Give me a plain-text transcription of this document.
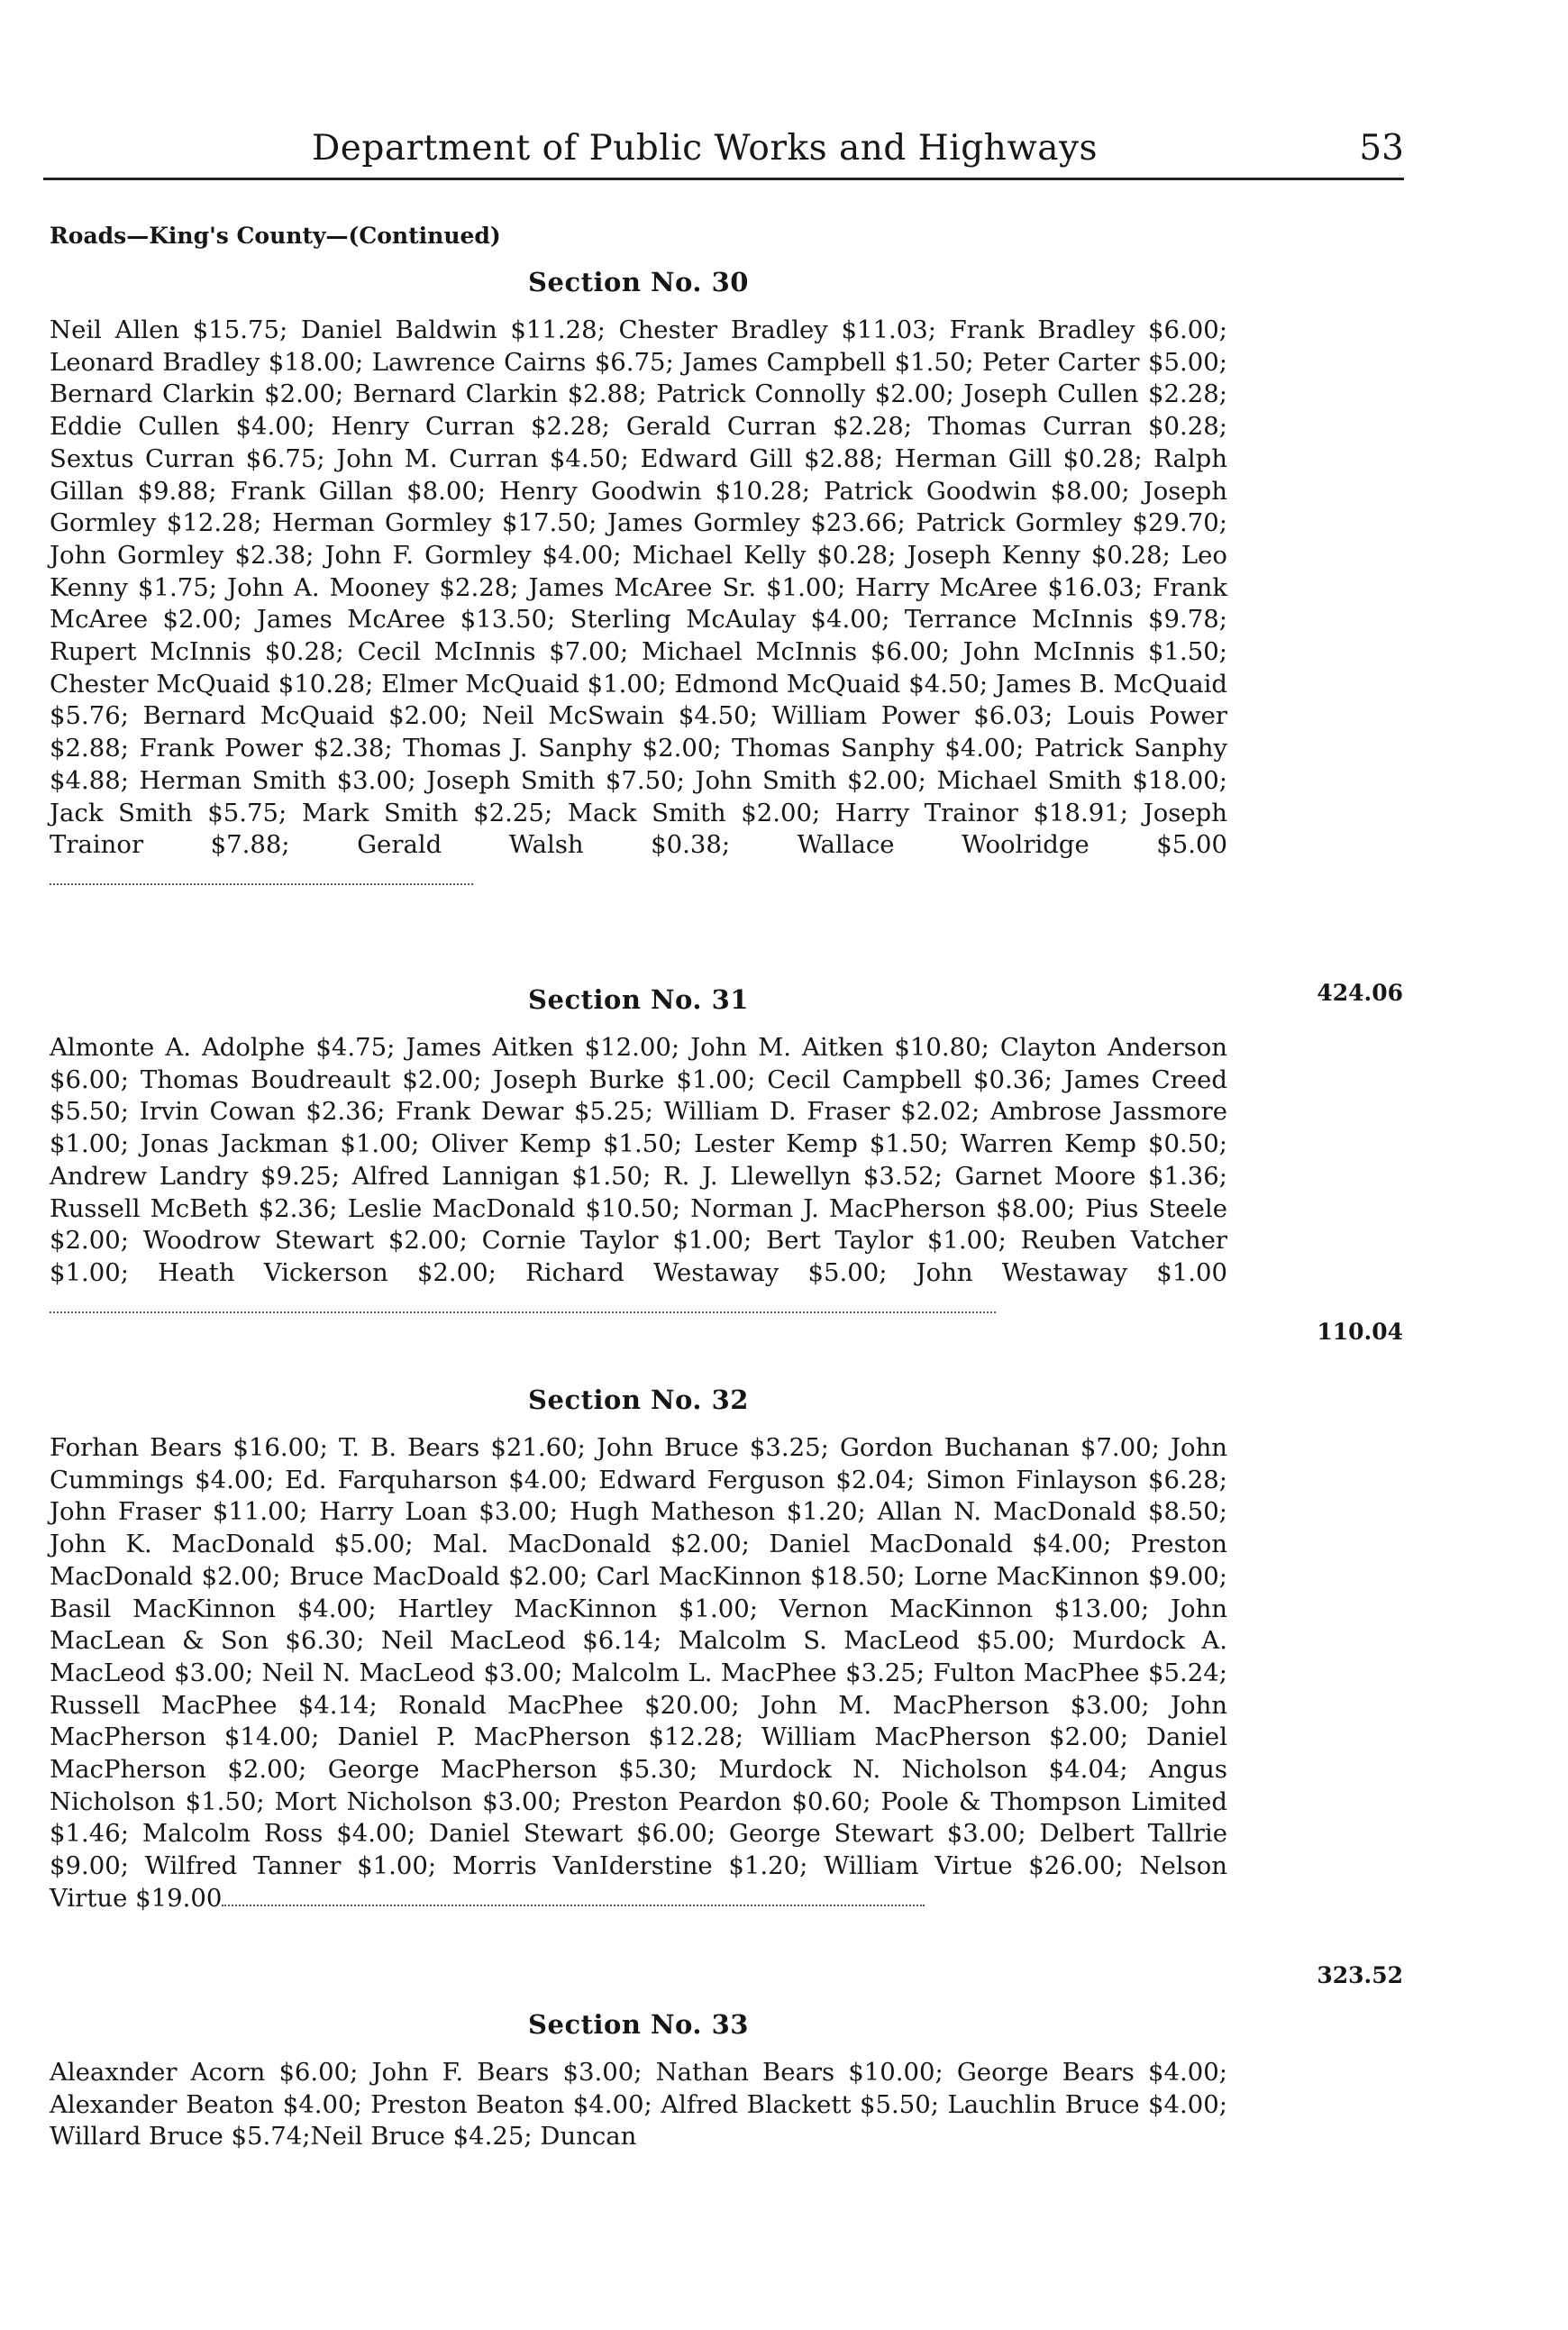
Department of Public Works and Highways	53
Roads—King's County—(Continued)
Section No. 30
Neil Allen $15.75; Daniel Baldwin $11.28; Chester Bradley $11.03; Frank Bradley $6.00; Leonard Bradley $18.00; Lawrence Cairns $6.75; James Campbell $1.50; Peter Carter $5.00; Bernard Clarkin $2.00; Bernard Clarkin $2.88; Patrick Connolly $2.00; Joseph Cullen $2.28; Eddie Cullen $4.00; Henry Curran $2.28; Gerald Curran $2.28; Thomas Curran $0.28; Sextus Curran $6.75; John M. Curran $4.50; Edward Gill $2.88; Herman Gill $0.28; Ralph Gillan $9.88; Frank Gillan $8.00; Henry Goodwin $10.28; Patrick Goodwin $8.00; Joseph Gormley $12.28; Herman Gormley $17.50; James Gormley $23.66; Patrick Gormley $29.70; John Gormley $2.38; John F. Gormley $4.00; Michael Kelly $0.28; Joseph Kenny $0.28; Leo Kenny $1.75; John A. Mooney $2.28; James McAree Sr. $1.00; Harry McAree $16.03; Frank McAree $2.00; James McAree $13.50; Sterling McAulay $4.00; Terrance McInnis $9.78; Rupert McInnis $0.28; Cecil McInnis $7.00; Michael McInnis $6.00; John McInnis $1.50; Chester McQuaid $10.28; Elmer McQuaid $1.00; Edmond McQuaid $4.50; James B. McQuaid $5.76; Bernard McQuaid $2.00; Neil McSwain $4.50; William Power $6.03; Louis Power $2.88; Frank Power $2.38; Thomas J. Sanphy $2.00; Thomas Sanphy $4.00; Patrick Sanphy $4.88; Herman Smith $3.00; Joseph Smith $7.50; John Smith $2.00; Michael Smith $18.00; Jack Smith $5.75; Mark Smith $2.25; Mack Smith $2.00; Harry Trainor $18.91; Joseph Trainor $7.88; Gerald Walsh $0.38; Wallace Woolridge $5.00
424.06
Section No. 31
Almonte A. Adolphe $4.75; James Aitken $12.00; John M. Aitken $10.80; Clayton Anderson $6.00; Thomas Boudreault $2.00; Joseph Burke $1.00; Cecil Campbell $0.36; James Creed $5.50; Irvin Cowan $2.36; Frank Dewar $5.25; William D. Fraser $2.02; Ambrose Jassmore $1.00; Jonas Jackman $1.00; Oliver Kemp $1.50; Lester Kemp $1.50; Warren Kemp $0.50; Andrew Landry $9.25; Alfred Lannigan $1.50; R. J. Llewellyn $3.52; Garnet Moore $1.36; Russell McBeth $2.36; Leslie MacDonald $10.50; Norman J. MacPherson $8.00; Pius Steele $2.00; Woodrow Stewart $2.00; Cornie Taylor $1.00; Bert Taylor $1.00; Reuben Vatcher $1.00; Heath Vickerson $2.00; Richard Westaway $5.00; John Westaway $1.00
110.04
Section No. 32
Forhan Bears $16.00; T. B. Bears $21.60; John Bruce $3.25; Gordon Buchanan $7.00; John Cummings $4.00; Ed. Farquharson $4.00; Edward Ferguson $2.04; Simon Finlayson $6.28; John Fraser $11.00; Harry Loan $3.00; Hugh Matheson $1.20; Allan N. MacDonald $8.50; John K. MacDonald $5.00; Mal. MacDonald $2.00; Daniel MacDonald $4.00; Preston MacDonald $2.00; Bruce MacDoald $2.00; Carl MacKinnon $18.50; Lorne MacKinnon $9.00; Basil MacKinnon $4.00; Hartley MacKinnon $1.00; Vernon MacKinnon $13.00; John MacLean & Son $6.30; Neil MacLeod $6.14; Malcolm S. MacLeod $5.00; Murdock A. MacLeod $3.00; Neil N. MacLeod $3.00; Malcolm L. MacPhee $3.25; Fulton MacPhee $5.24; Russell MacPhee $4.14; Ronald MacPhee $20.00; John M. MacPherson $3.00; John MacPherson $14.00; Daniel P. MacPherson $12.28; William MacPherson $2.00; Daniel MacPherson $2.00; George MacPherson $5.30; Murdock N. Nicholson $4.04; Angus Nicholson $1.50; Mort Nicholson $3.00; Preston Peardon $0.60; Poole & Thompson Limited $1.46; Malcolm Ross $4.00; Daniel Stewart $6.00; George Stewart $3.00; Delbert Tallrie $9.00; Wilfred Tanner $1.00; Morris VanIderstine $1.20; William Virtue $26.00; Nelson Virtue $19.00
323.52
Section No. 33
Aleaxnder Acorn $6.00; John F. Bears $3.00; Nathan Bears $10.00; George Bears $4.00; Alexander Beaton $4.00; Preston Beaton $4.00; Alfred Blackett $5.50; Lauchlin Bruce $4.00; Willard Bruce $5.74;Neil Bruce $4.25; Duncan
